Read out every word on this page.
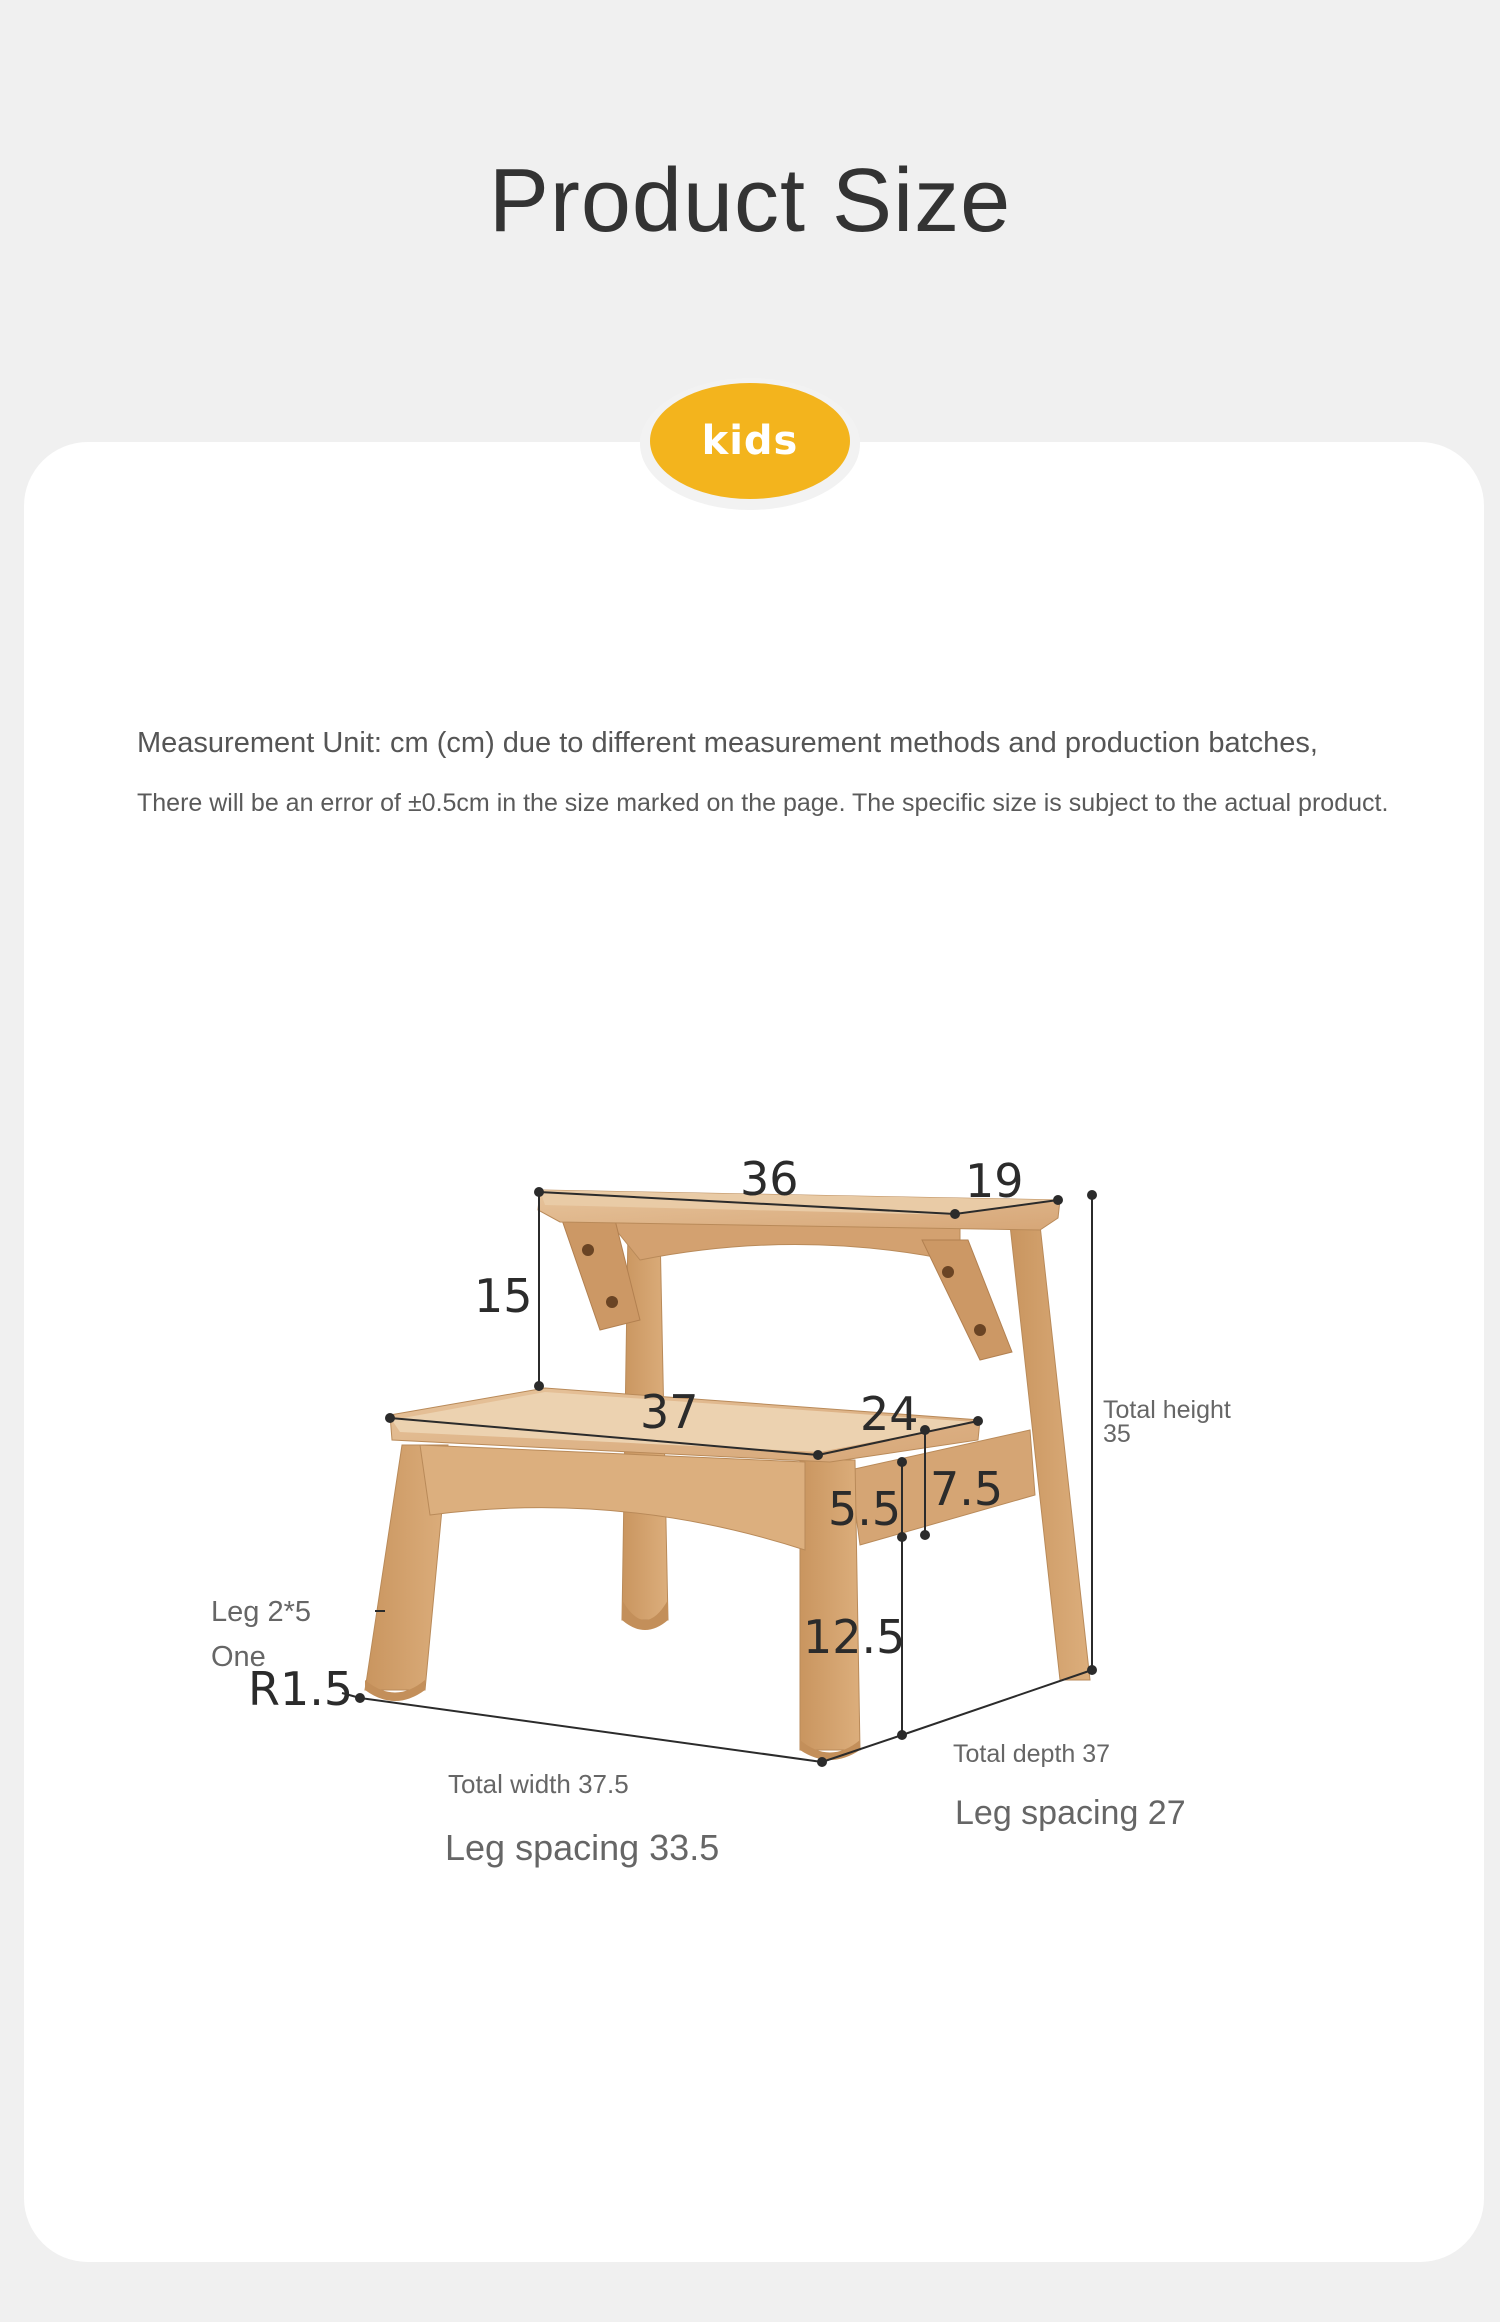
Product Size
kids
Measurement Unit: cm (cm) due to different measurement methods and production batches,
There will be an error of ±0.5cm in the size marked on the page. The specific size is subject to the actual product.
36	19
15
37	24
5.5 7.5
12.5
R1.5
Leg 2*5
One
Total height
35
Total width 37.5
Total depth 37
Leg spacing 33.5
Leg spacing 27
